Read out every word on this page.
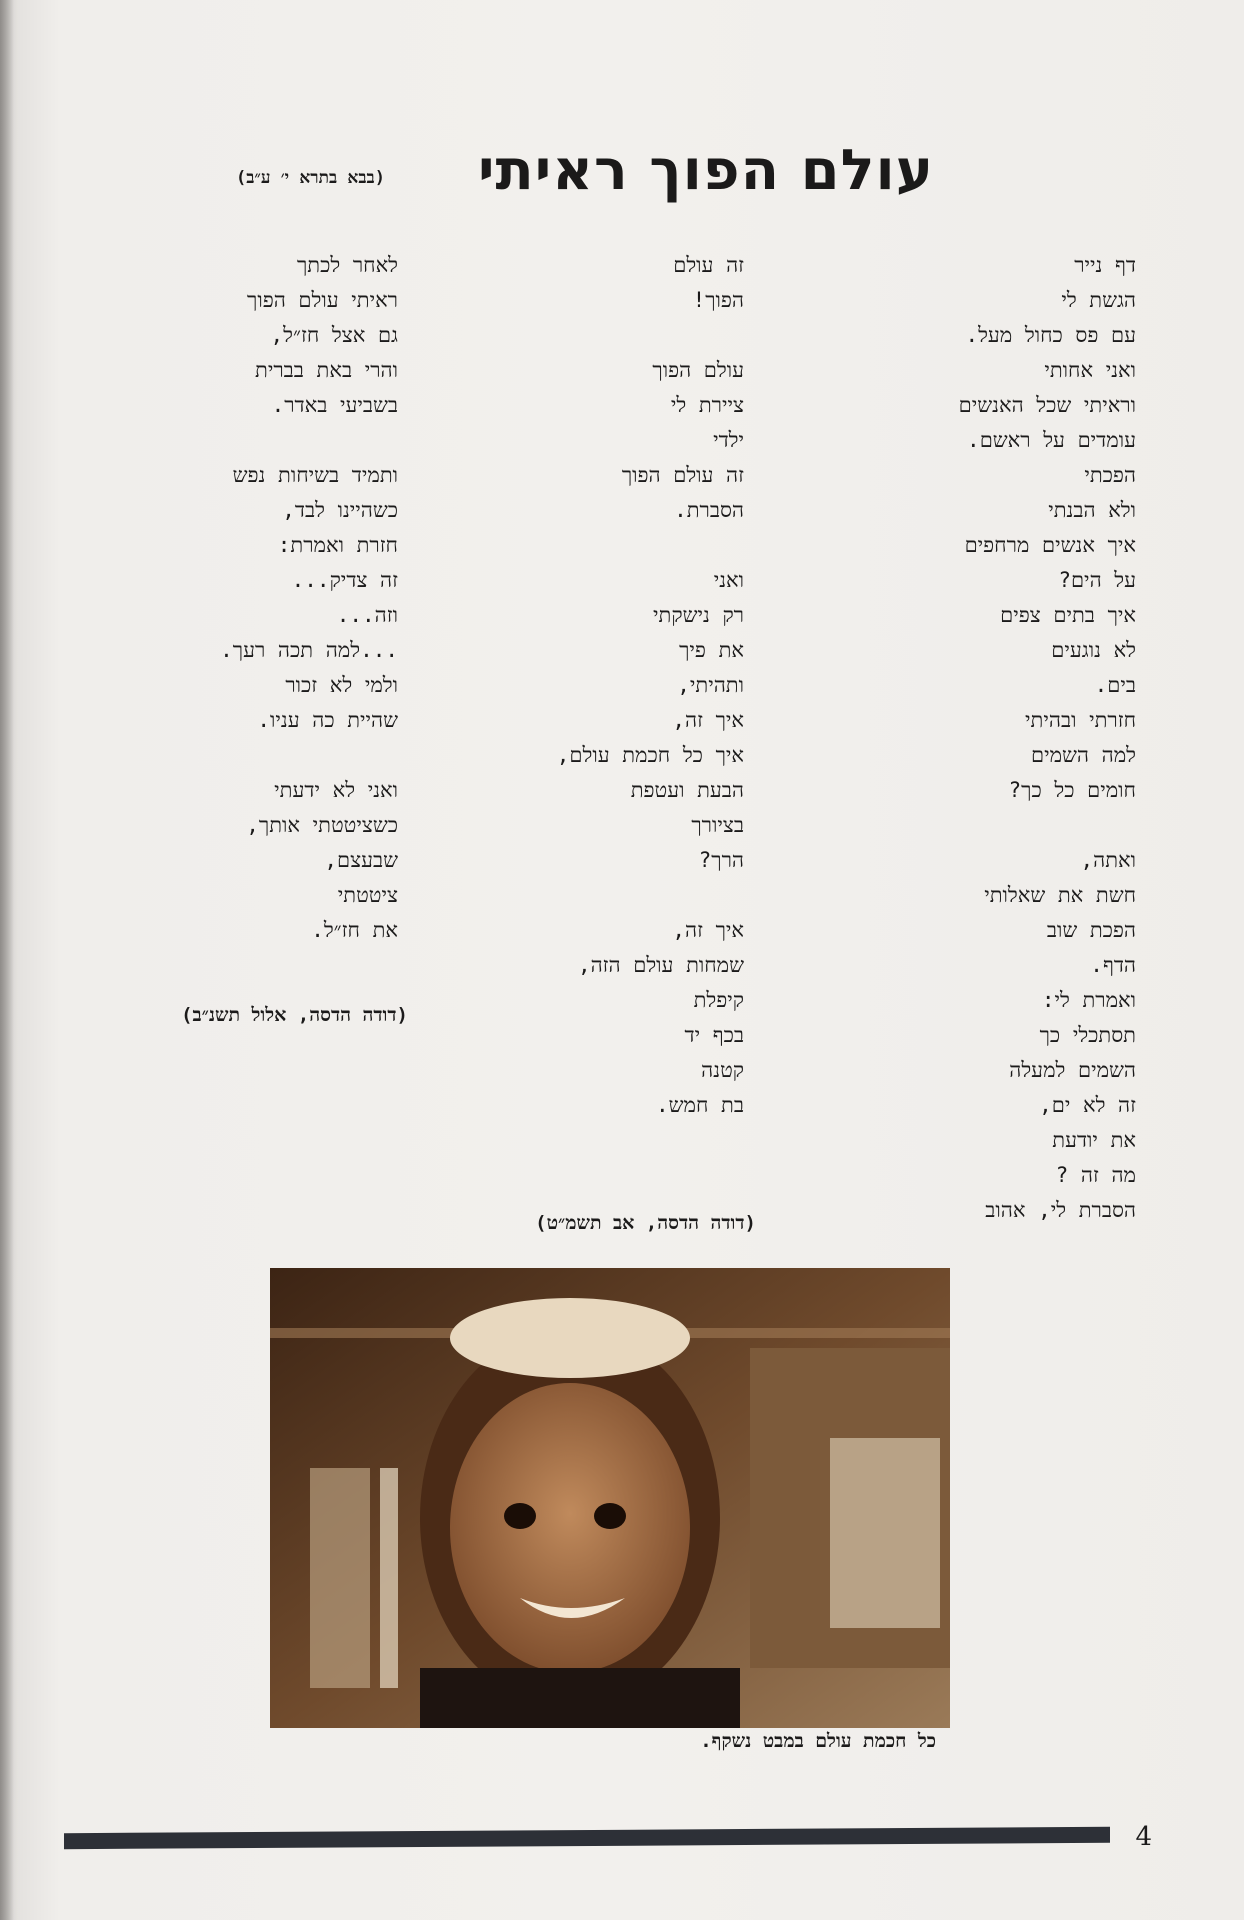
עולם הפוך ראיתי
(בבא בתרא י׳ ע״ב)
דף נייר
הגשת לי
עם פס כחול מעל.
ואני אחותי
וראיתי שכל האנשים
עומדים על ראשם.
הפכתי
ולא הבנתי
איך אנשים מרחפים
על הים?
איך בתים צפים
לא נוגעים
בים.
חזרתי ובהיתי
למה השמים
חומים כל כך?
ואתה,
חשת את שאלותי
הפכת שוב
הדף.
ואמרת לי:
תסתכלי כך
השמים למעלה
זה לא ים,
את יודעת
מה זה ?
הסברת לי, אהוב
זה עולם
הפוך!
עולם הפוך
ציירת לי
ילדי
זה עולם הפוך
הסברת.
ואני
רק נישקתי
את פיך
ותהיתי,
איך זה,
איך כל חכמת עולם,
הבעת ועטפת
בציורך
הרך?
איך זה,
שמחות עולם הזה,
קיפלת
בכף יד
קטנה
בת חמש.
לאחר לכתך
ראיתי עולם הפוך
גם אצל חז״ל,
והרי באת בברית
בשביעי באדר.
ותמיד בשיחות נפש
כשהיינו לבד,
חזרת ואמרת:
זה צדיק...
וזה...
...למה תכה רעך.
ולמי לא זכור
שהיית כה עניו.
ואני לא ידעתי
כשציטטתי אותך,
שבעצם,
ציטטתי
את חז״ל.
(דודה הדסה, אלול תשנ״ב)
(דודה הדסה, אב תשמ״ט)
כל חכמת עולם במבט נשקף.
4
